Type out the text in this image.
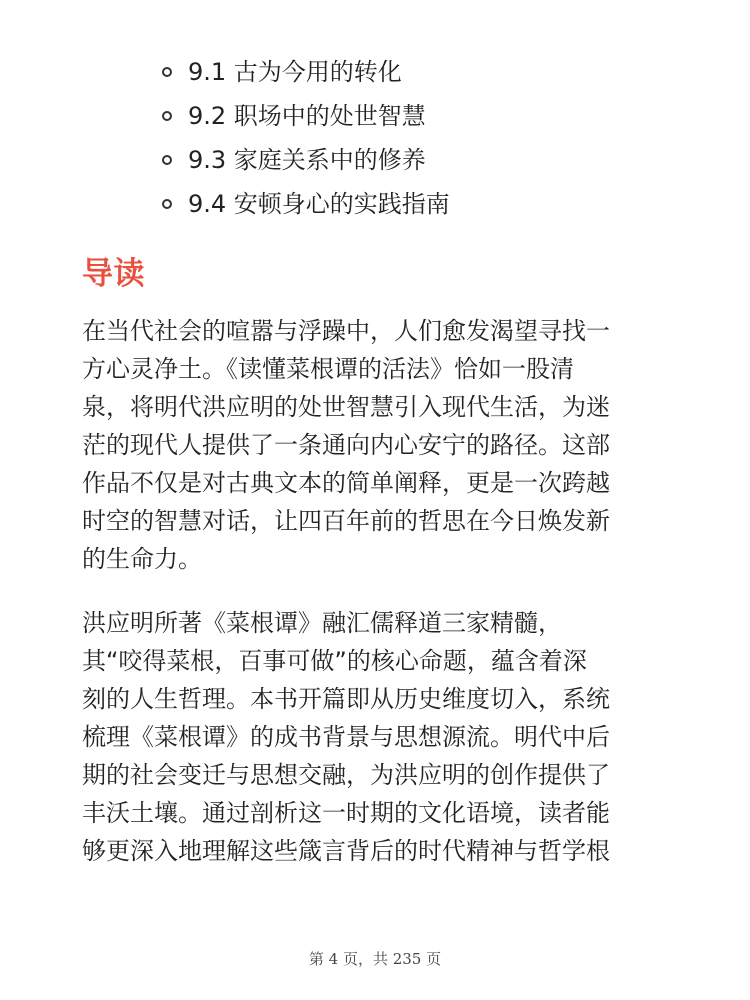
9.1 古为今用的转化
9.2 职场中的处世智慧
9.3 家庭关系中的修养
9.4 安顿身心的实践指南
导读

在当代社会的喧嚣与浮躁中，人们愈发渴望寻找一
方心灵净土。《读懂菜根谭的活法》恰如一股清
泉，将明代洪应明的处世智慧引入现代生活，为迷
茫的现代人提供了一条通向内心安宁的路径。这部
作品不仅是对古典文本的简单阐释，更是一次跨越
时空的智慧对话，让四百年前的哲思在今日焕发新
的生命力。

洪应明所著《菜根谭》融汇儒释道三家精髓，
其“咬得菜根，百事可做”的核心命题，蕴含着深
刻的人生哲理。本书开篇即从历史维度切入，系统
梳理《菜根谭》的成书背景与思想源流。明代中后
期的社会变迁与思想交融，为洪应明的创作提供了
丰沃土壤。通过剖析这一时期的文化语境，读者能
够更深入地理解这些箴言背后的时代精神与哲学根

第 4 页，共 235 页
